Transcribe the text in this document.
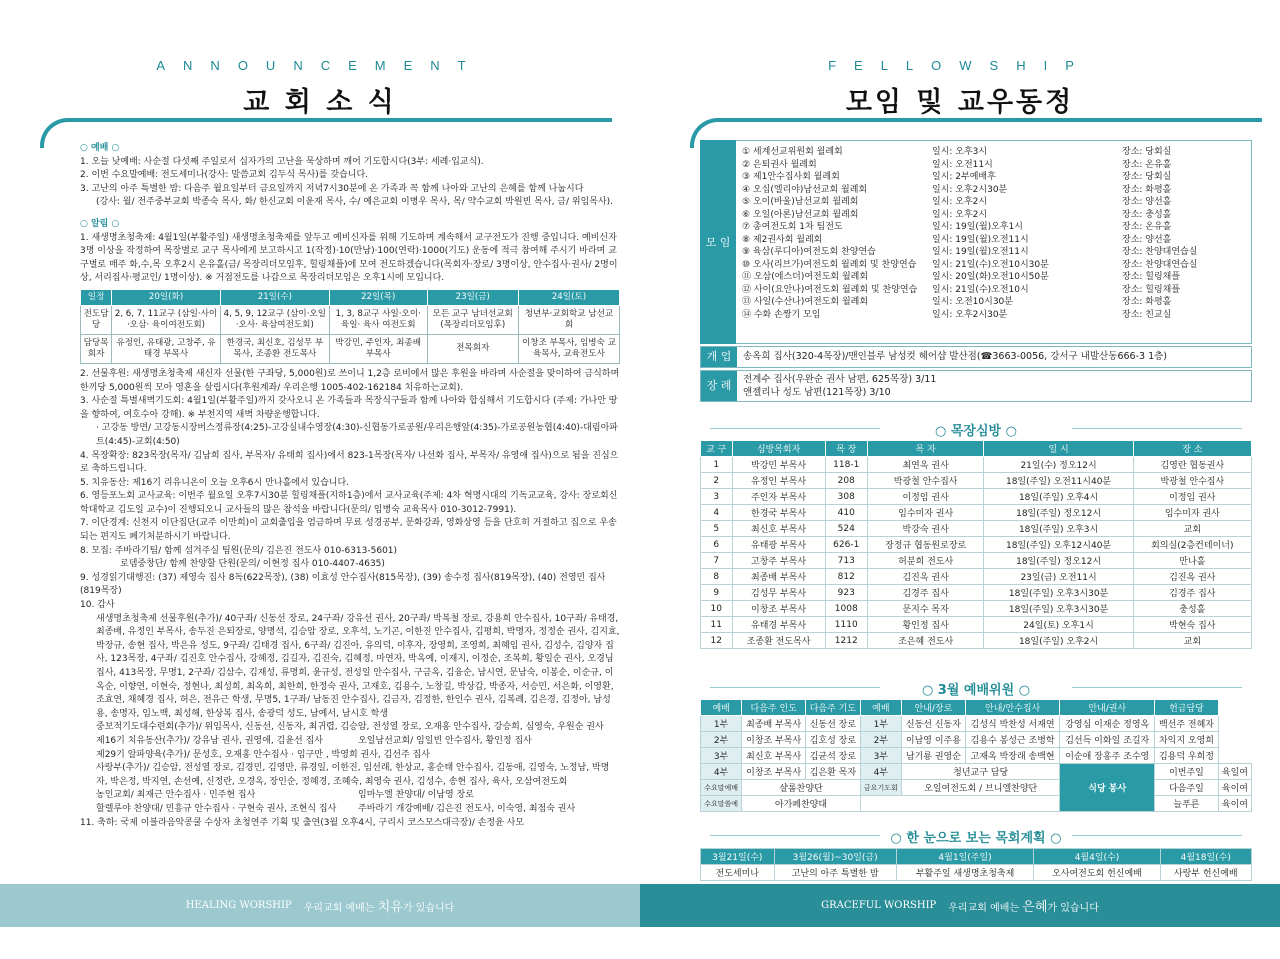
ANNOUNCEMENT
교 회 소 식
○ 예배 ○
1. 오늘 낮예배: 사순절 다섯째 주일로서 십자가의 고난을 묵상하며 깨어 기도합시다(3부: 세례·입교식).
2. 이번 수요말예배: 전도세미나(강사: 말씀교회 김두식 목사)를 갖습니다.
3. 고난의 아주 특별한 밤: 다음주 월요일부터 금요일까지 저녁7시30분에 온 가족과 꼭 함께 나아와 고난의 은혜를 함께 나눕시다
(강사: 월/ 전주중부교회 박종숙 목사, 화/ 한신교회 이윤재 목사, 수/ 예은교회 이병우 목사, 목/ 약수교회 박원빈 목사, 금/ 위임목사).
○ 알림 ○
1. 새생명초청축제: 4월1일(부활주일) 새생명초청축제를 앞두고 예비신자를 위해 기도하며 계속해서 교구전도가 진행 중입니다. 예비신자 3명 이상을 작정하여 목장별로 교구 목사에게 보고하시고 1(작정)·10(만남)·100(연락)·1000(기도) 운동에 적극 참여해 주시기 바라며 교구별로 매주 화,수,목 오후2시 온유홀(금/ 목장리더모임후, 힐링채플)에 모여 전도하겠습니다(목회자·장로/ 3명이상, 안수집사·권사/ 2명이상, 서리집사·평교인/ 1명이상). ※ 거점전도를 나갑으로 목장리더모임은 오후1시에 모입니다.
일정	20일(화)	21일(수)	22일(목)	23일(금)	24일(토)
전도담당	2, 6, 7, 11교구 (삼일·사이·오삼· 육이여전도회)	4, 5, 9, 12교구 (삼이·오일·오사· 육삼여전도회)	1, 3, 8교구 사일·오이·육일· 육사 여전도회	모든 교구 남녀선교회 (목장리더모임후)	청년부·교회학교 남선교회
담당목회자	유정인, 유태광, 고창주, 유태경 부목사	한경국, 최신호, 김성무 부목사, 조종환 전도목사	박강민, 주인자, 최종배 부목사	전목회자	이창조 부목사, 임병숙 교육목사, 교육전도사
2. 선물후원: 새생명초청축제 새신자 선물(한 구좌당, 5,000원)로 쓰이니 1,2층 로비에서 많은 후원을 바라며 사순절을 맞이하여 금식하며 한끼당 5,000원씩 모아 영혼을 살립시다(후원계좌/ 우리은행 1005-402-162184 치유하는교회).
3. 사순절 특별새벽기도회: 4월1일(부활주일)까지 갖사오니 온 가족들과 목장식구들과 함께 나아와 합심해서 기도합시다 (주제: 가나안 땅을 향하여, 여호수아 강해). ※ 부천지역 새벽 차량운행합니다.
· 고강동 방면/ 고강동시장버스정류장(4:25)-고강실내수영장(4:30)-신협동가로공원/우리은행앞(4:35)-가로공원농협(4:40)-대림아파트(4:45)-교회(4:50)
4. 목장확장: 823목장(목자/ 김남희 집사, 부목자/ 유태희 집사)에서 823-1목장(목자/ 나선화 집사, 부목자/ 유영애 집사)으로 됨을 진심으로 축하드립니다.
5. 치유동산: 제16기 리유니온이 오늘 오후6시 만나홀에서 있습니다.
6. 영등포노회 교사교육: 이번주 월요일 오후7시30분 힐링채플(지하1층)에서 교사교육(주제: 4차 혁명시대의 기독교교육, 강사: 장로회신학대학교 김도일 교수)이 진행되오니 교사들의 많은 참석을 바랍니다(문의/ 임병숙 교육목사 010-3012-7991).
7. 이단경계: 신천지 이단집단(교주 이만희)이 교회출입을 엄금하며 무료 성경공부, 문화강좌, 영화상영 등을 단호히 거절하고 집으로 우송되는 편지도 폐기처분하시기 바랍니다.
8. 모집: 주바라기팀/ 함께 섬겨주실 팀원(문의/ 김은진 전도사 010-6313-5601)
로뎀중창단/ 함께 찬양할 단원(문의/ 이현정 집사 010-4407-4635)
9. 성경읽기대행진: (37) 제영숙 집사 8독(622목장), (38) 이효성 안수집사(815목장), (39) 송수정 집사(819목장), (40) 전영민 집사(819목장)
10. 감사
새생명초청축제 선물후원(추가)/ 40구좌/ 신동선 장로, 24구좌/ 강유선 권사, 20구좌/ 박복철 장로, 강용희 안수집사, 10구좌/ 유태경, 최종배, 유정인 부목사, 송두진 은퇴장로, 양명석, 김승암 장로, 오후석, 노기곤, 이한진 안수집사, 김평희, 박명자, 정정순 권사, 김지효, 박장규, 송현 집사, 박은유 성도, 9구좌/ 김태경 집사, 6구좌/ 김진아, 유의덕, 이후자, 장영희, 조영희, 최혜임 권사, 김성수, 김양자 집사, 123목장, 4구좌/ 김진호 안수집사, 강혜정, 김길자, 김진숙, 김혜정, 마연자, 박옥예, 이재지, 이정순, 조복희, 황일순 권사, 오경님 집사, 413목장, 무명1, 2구좌/ 김삼수, 김재성, 류명희, 윤규성, 전성일 안수집사, 구금옥, 김융순, 남시연, 문남숙, 이봉순, 이순규, 이옥순, 이향연, 이현숙, 정현나, 최성희, 최옥희, 최한희, 한정숙 권사, 고재호, 김용수, 노창길, 박상갑, 박종자, 서승민, 서은화, 이영환, 조효연, 채혜경 집사, 허은, 전유근 학생, 무명5, 1구좌/ 남동진 안수집사, 김금자, 김정한, 한인수 권사, 김복례, 김은경, 김정아, 남성용, 송명자, 임노백, 최성해, 한상복 집사, 송광덕 성도, 남예서, 남시호 학생
중보적기도대수련회(추가)/ 위임목사, 신동선, 신동자, 최귀렵, 김승암, 전성열 장로, 오재홍 안수집사, 강승희, 심영숙, 우원순 권사
제16기 치유동산(추가)/ 강유남 권사, 권영애, 김윤선 집사	오일남선교회/ 임일빈 안수집사, 황인정 집사
제29기 알파양육(추가)/ 문성호, 오재홍 안수집사 · 임구만 , 박영희 권사, 김선주 집사
사랑부(추가)/ 김승암, 전성열 장로, 김경민, 김영만, 류경일, 이한진, 임선래, 한상교, 홍순태 안수집사, 김동애, 김영숙, 노정남, 박명자, 박은정, 박지연, 손선예, 신정란, 오경옥, 장인순, 정혜경, 조혜숙, 최영숙 권사, 김성수, 송현 집사, 육사, 오삼여전도회
농인교회/ 최재근 안수집사 · 민주현 집사	임마누엘 찬양대/ 이남영 장로
할렐루야 찬양대/ 민흥규 안수집사 · 구현숙 권사, 조현식 집사	주바라기 개강예배/ 김은진 전도사, 이숙영, 최점숙 권사
11. 축하: 국제 이블라음악콩쿨 수상자 초청연주 기획 및 출연(3월 오후4시, 구리시 코스모스대극장)/ 손정윤 사모
HEALING WORSHIP 우리교회 예배는 치유가 있습니다
FELLOWSHIP
모임 및 교우동정
GRACEFUL WORSHIP 우리교회 예배는 은혜가 있습니다
모 임
① 세계선교위원회 월례회	일시: 오후3시	장소: 당회실
② 은퇴권사 월례회	일시: 오전11시	장소: 온유홀
③ 제1안수집사회 월례회	일시: 2부예배후	장소: 당회실
④ 오십(엘리야)남선교회 월례회	일시: 오후2시30분	장소: 화평홀
⑤ 오이(바울)남선교회 월례회	일시: 오후2시	장소: 양선홀
⑥ 오일(아론)남선교회 월례회	일시: 오후2시	장소: 충성홀
⑦ 총여전도회 1차 팀전도	일시: 19일(월)오후1시	장소: 온유홀
⑧ 제2권사회 월례회	일시: 19일(월)오전11시	장소: 양선홀
⑨ 육삼(루디아)여전도회 찬양연습	일시: 19일(월)오전11시	장소: 찬양대연습실
⑩ 오사(리브가)여전도회 월례회 및 찬양연습	일시: 21일(수)오전10시30분	장소: 찬양대연습실
⑪ 오삼(에스더)여전도회 월례회	일시: 20일(화)오전10시50분	장소: 힐링채플
⑫ 사이(요안나)여전도회 월례회 및 찬양연습	일시: 21일(수)오전10시	장소: 힐링채플
⑬ 사일(수산나)여전도회 월례회	일시: 오전10시30분	장소: 화평홀
⑭ 수화 손짱기 모임	일시: 오후2시30분	장소: 친교실
개 업	송옥희 집사(320-4목장)/맨인블루 남성컷 헤어샵 발산점(☎3663-0056, 강서구 내발산동666-3 1층)
장 례	전계수 집사(우완순 권사 남편, 625목장) 3/11
앤젤리나 성도 남편(121목장) 3/10
○ 목장심방 ○
교 구	심방목회자	목 장	목 자	일 시	장 소
1	박강민 부목사	118-1	최연옥 권사	21일(수) 정오12시	김영란 협동권사
2	유정인 부목사	208	박광철 안수집사	18일(주일) 오전11시40분	박광철 안수집사
3	주인자 부목사	308	이정임 권사	18일(주일) 오후4시	이정임 권사
4	한경국 부목사	410	임수미자 권사	18일(주일) 정오12시	임수미자 권사
5	최신호 부목사	524	박강숙 권사	18일(주일) 오후3시	교회
6	유태광 부목사	626-1	장정규 협동원로장로	18일(주일) 오후12시40분	회의실(2층컨테이너)
7	고창주 부목사	713	허분희 전도사	18일(주일) 정오12시	만나홀
8	최종배 부목사	812	김진옥 권사	23일(금) 오전11시	김진옥 권사
9	김성무 부목사	923	김경주 집사	18일(주일) 오후3시30분	김경주 집사
10	이창조 부목사	1008	문지수 목자	18일(주일) 오후3시30분	충성홀
11	유태경 부목사	1110	황인정 집사	24일(토) 오후1시	박현숙 집사
12	조종환 전도목사	1212	조은혜 전도사	18일(주일) 오후2시	교회
○ 3월 예배위원 ○
예배	다음주 인도	다음주 기도	예배	안내/장로	안내/안수집사	안내/권사	헌금담당	
1부	최종배 부목사	신동선 장로	1부	신동선 신동자	김성식 박찬성 서재연	강영심 이재순 정영옥	백선주 전혜자	
2부	이창조 부목사	김호성 장로	2부	이남영 이주용	김용수 봉성근 조병학	김선득 이화일 조길자	차익지 오영희	
3부	최신호 부목사	김균석 장로	3부	남기룡 권영순	고재옥 박장래 송백현	이순애 장홍주 조수영	김용덕 우희정	
4부	이창조 부목사	김은환 목자	4부	청년교구 담당		식당 봉사	이번주일	육일여
수요말예배	샬롬찬양단		금요기도회	오일여전도회 / 브니엘찬양단			다음주일	육이여
수요말씀예	아가페찬양대						늘푸른	육이여
○ 한 눈으로 보는 목회계획 ○
3월21일(수)	3월26(월)~30일(금)	4월1일(주일)	4월4일(수)	4월18일(수)
전도세미나	고난의 아주 특별한 밤	부활주일 새생명초청축제	오사여전도회 헌신예배	사랑부 헌신예배
